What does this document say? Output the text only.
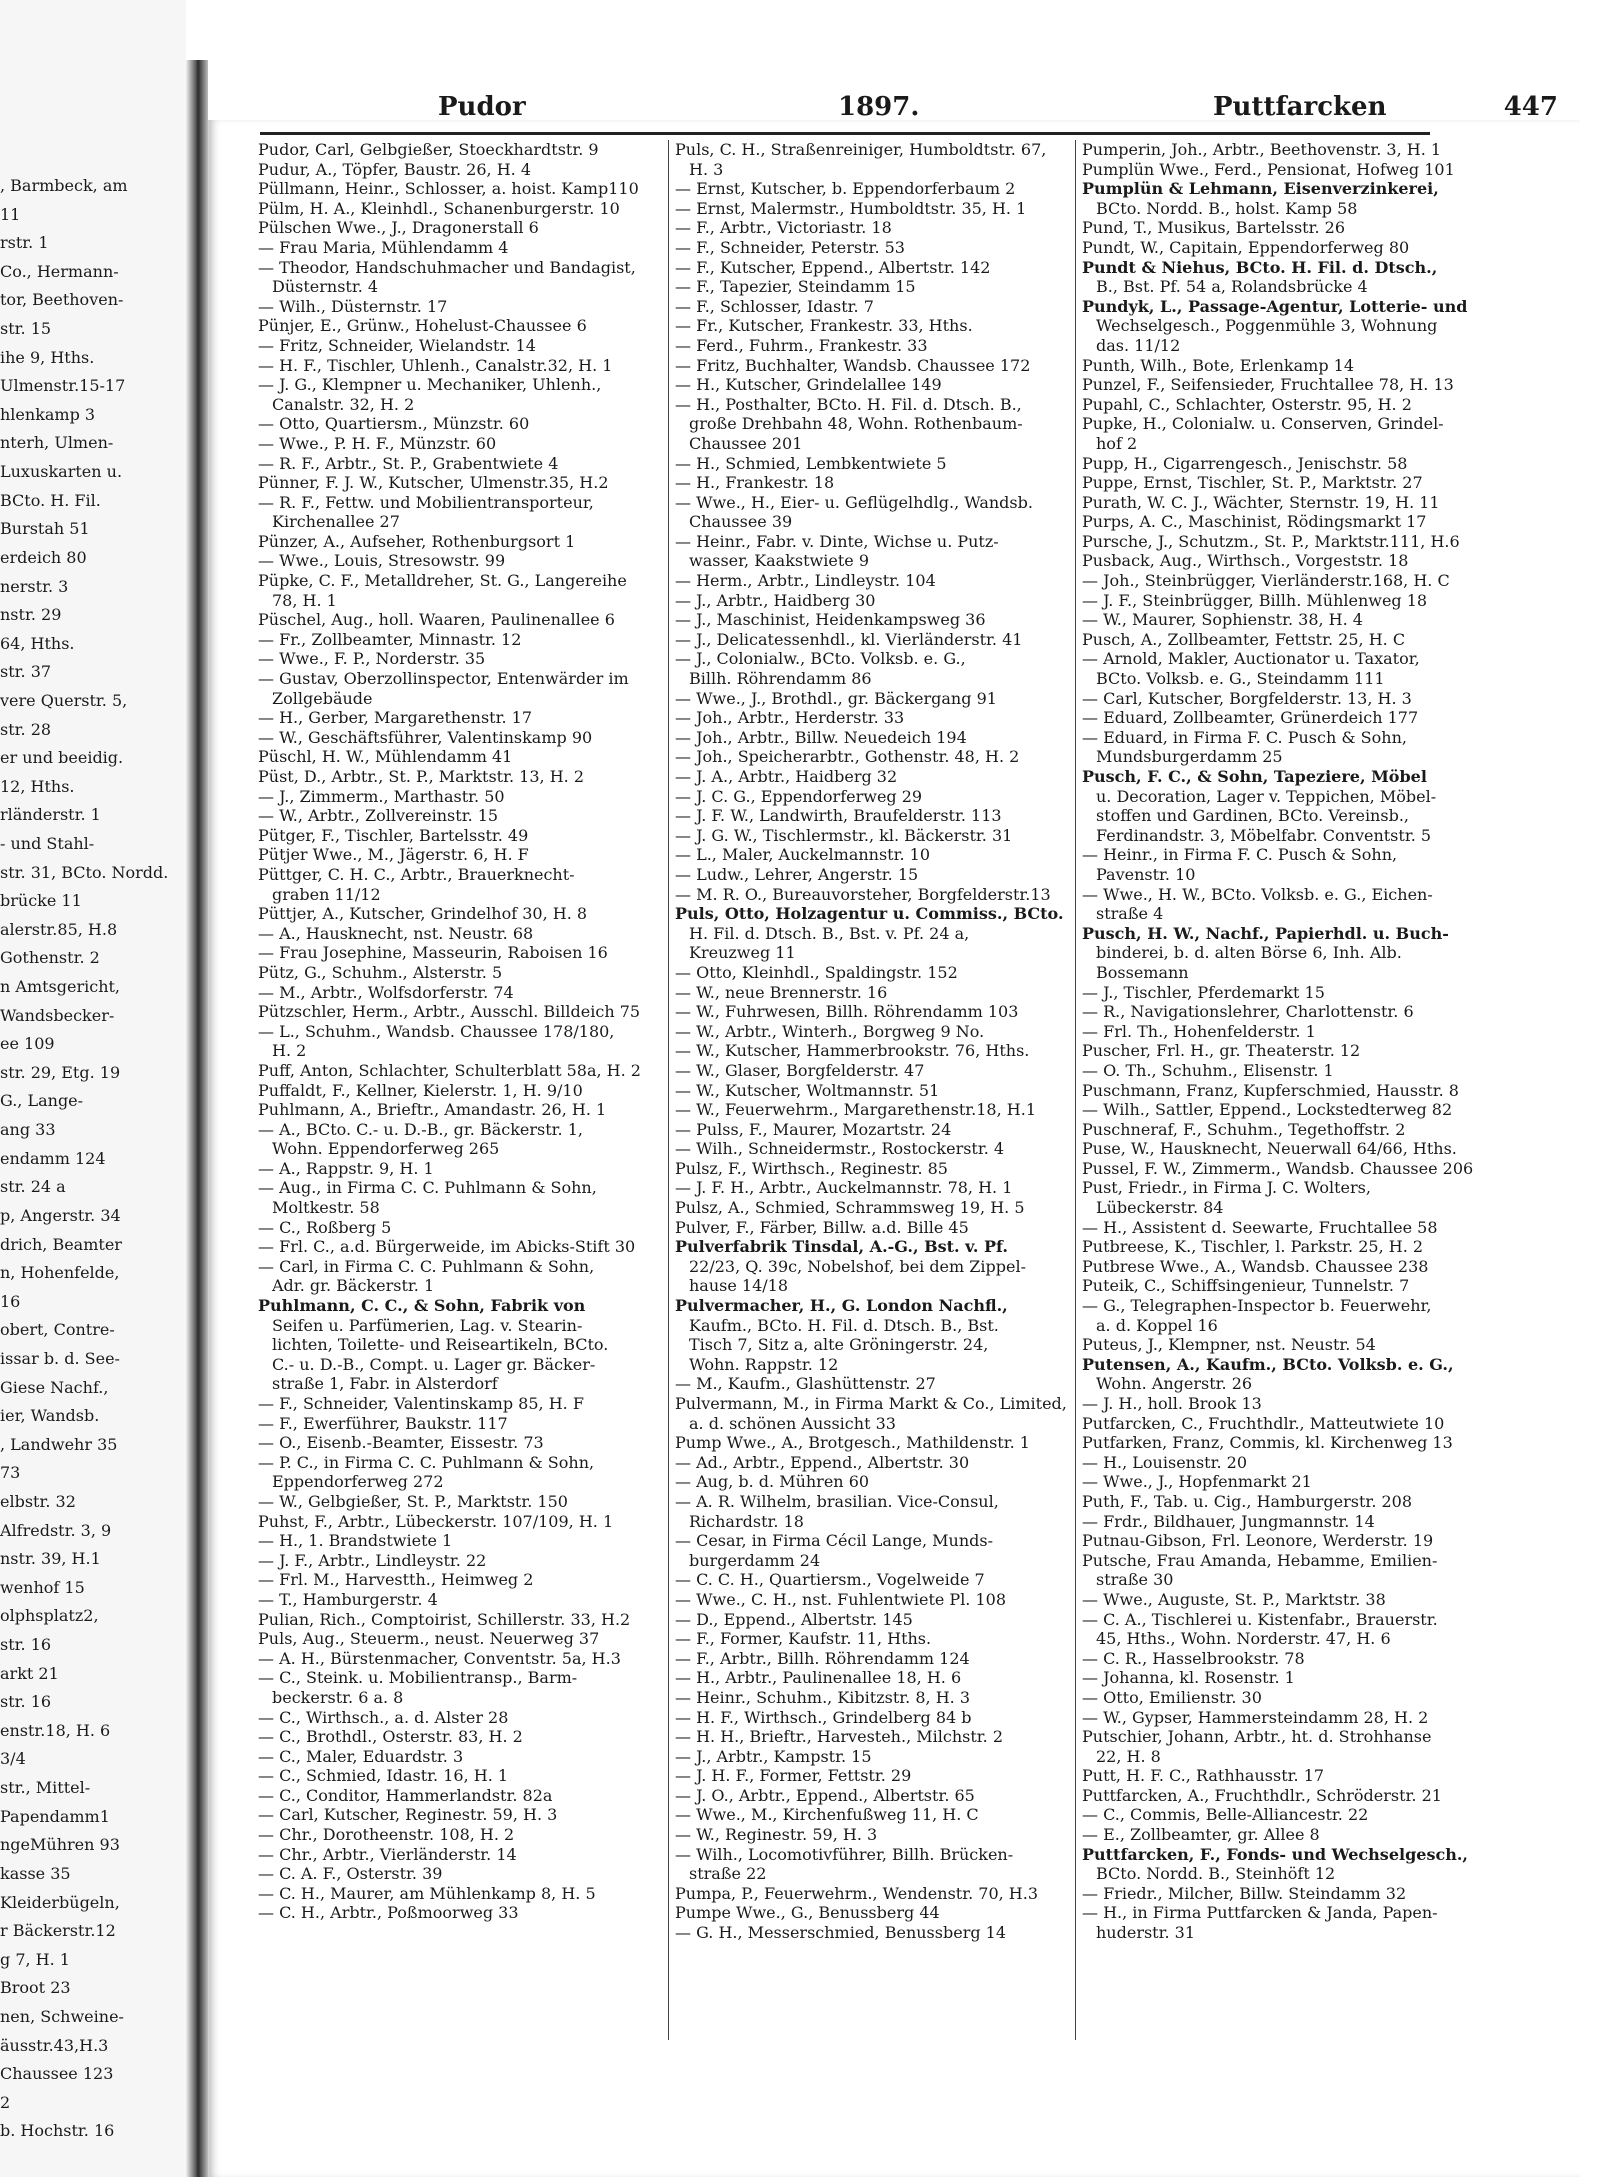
, Barmbeck, am
11
rstr. 1
Co., Hermann-
tor, Beethoven-
str. 15
ihe 9, Hths.
Ulmenstr.15-17
hlenkamp 3
nterh, Ulmen-
Luxuskarten u.
BCto. H. Fil.
Burstah 51
erdeich 80
nerstr. 3
nstr. 29
64, Hths.
str. 37
vere Querstr. 5,
str. 28
er und beeidig.
12, Hths.
rländerstr. 1
- und Stahl-
str. 31, BCto. Nordd.
brücke 11
alerstr.85, H.8
Gothenstr. 2
n Amtsgericht,
Wandsbecker-
ee 109
str. 29, Etg. 19
G., Lange-
ang 33
endamm 124
str. 24 a
p, Angerstr. 34
drich, Beamter
n, Hohenfelde,
16
obert, Contre-
issar b. d. See-
Giese Nachf.,
ier, Wandsb.
, Landwehr 35
73
elbstr. 32
Alfredstr. 3, 9
nstr. 39, H.1
wenhof 15
olphsplatz2,
str. 16
arkt 21
str. 16
enstr.18, H. 6
3/4
str., Mittel-
Papendamm1
ngeMühren 93
kasse 35
Kleiderbügeln,
r Bäckerstr.12
g 7, H. 1
Broot 23
nen, Schweine-
äusstr.43,H.3
Chaussee 123
2
b. Hochstr. 16
Pudor	1897.	Puttfarcken	447
Pudor, Carl, Gelbgießer, Stoeckhardtstr. 9
Pudur, A., Töpfer, Baustr. 26, H. 4
Püllmann, Heinr., Schlosser, a. hoist. Kamp110
Pülm, H. A., Kleinhdl., Schanenburgerstr. 10
Pülschen Wwe., J., Dragonerstall 6
— Frau Maria, Mühlendamm 4
— Theodor, Handschuhmacher und Bandagist,
Düsternstr. 4
— Wilh., Düsternstr. 17
Pünjer, E., Grünw., Hohelust-Chaussee 6
— Fritz, Schneider, Wielandstr. 14
— H. F., Tischler, Uhlenh., Canalstr.32, H. 1
— J. G., Klempner u. Mechaniker, Uhlenh.,
Canalstr. 32, H. 2
— Otto, Quartiersm., Münzstr. 60
— Wwe., P. H. F., Münzstr. 60
— R. F., Arbtr., St. P., Grabentwiete 4
Pünner, F. J. W., Kutscher, Ulmenstr.35, H.2
— R. F., Fettw. und Mobilientransporteur,
Kirchenallee 27
Pünzer, A., Aufseher, Rothenburgsort 1
— Wwe., Louis, Stresowstr. 99
Püpke, C. F., Metalldreher, St. G., Langereihe
78, H. 1
Püschel, Aug., holl. Waaren, Paulinenallee 6
— Fr., Zollbeamter, Minnastr. 12
— Wwe., F. P., Norderstr. 35
— Gustav, Oberzollinspector, Entenwärder im
Zollgebäude
— H., Gerber, Margarethenstr. 17
— W., Geschäftsführer, Valentinskamp 90
Püschl, H. W., Mühlendamm 41
Püst, D., Arbtr., St. P., Marktstr. 13, H. 2
— J., Zimmerm., Marthastr. 50
— W., Arbtr., Zollvereinstr. 15
Pütger, F., Tischler, Bartelsstr. 49
Pütjer Wwe., M., Jägerstr. 6, H. F
Püttger, C. H. C., Arbtr., Brauerknecht-
graben 11/12
Püttjer, A., Kutscher, Grindelhof 30, H. 8
— A., Hausknecht, nst. Neustr. 68
— Frau Josephine, Masseurin, Raboisen 16
Pütz, G., Schuhm., Alsterstr. 5
— M., Arbtr., Wolfsdorferstr. 74
Pützschler, Herm., Arbtr., Ausschl. Billdeich 75
— L., Schuhm., Wandsb. Chaussee 178/180,
H. 2
Puff, Anton, Schlachter, Schulterblatt 58a, H. 2
Puffaldt, F., Kellner, Kielerstr. 1, H. 9/10
Puhlmann, A., Brieftr., Amandastr. 26, H. 1
— A., BCto. C.- u. D.-B., gr. Bäckerstr. 1,
Wohn. Eppendorferweg 265
— A., Rappstr. 9, H. 1
— Aug., in Firma C. C. Puhlmann & Sohn,
Moltkestr. 58
— C., Roßberg 5
— Frl. C., a.d. Bürgerweide, im Abicks-Stift 30
— Carl, in Firma C. C. Puhlmann & Sohn,
Adr. gr. Bäckerstr. 1
Puhlmann, C. C., & Sohn, Fabrik von
Seifen u. Parfümerien, Lag. v. Stearin-
lichten, Toilette- und Reiseartikeln, BCto.
C.- u. D.-B., Compt. u. Lager gr. Bäcker-
straße 1, Fabr. in Alsterdorf
— F., Schneider, Valentinskamp 85, H. F
— F., Ewerführer, Baukstr. 117
— O., Eisenb.-Beamter, Eissestr. 73
— P. C., in Firma C. C. Puhlmann & Sohn,
Eppendorferweg 272
— W., Gelbgießer, St. P., Marktstr. 150
Puhst, F., Arbtr., Lübeckerstr. 107/109, H. 1
— H., 1. Brandstwiete 1
— J. F., Arbtr., Lindleystr. 22
— Frl. M., Harvestth., Heimweg 2
— T., Hamburgerstr. 4
Pulian, Rich., Comptoirist, Schillerstr. 33, H.2
Puls, Aug., Steuerm., neust. Neuerweg 37
— A. H., Bürstenmacher, Conventstr. 5a, H.3
— C., Steink. u. Mobilientransp., Barm-
beckerstr. 6 a. 8
— C., Wirthsch., a. d. Alster 28
— C., Brothdl., Osterstr. 83, H. 2
— C., Maler, Eduardstr. 3
— C., Schmied, Idastr. 16, H. 1
— C., Conditor, Hammerlandstr. 82a
— Carl, Kutscher, Reginestr. 59, H. 3
— Chr., Dorotheenstr. 108, H. 2
— Chr., Arbtr., Vierländerstr. 14
— C. A. F., Osterstr. 39
— C. H., Maurer, am Mühlenkamp 8, H. 5
— C. H., Arbtr., Poßmoorweg 33
Puls, C. H., Straßenreiniger, Humboldtstr. 67,
H. 3
— Ernst, Kutscher, b. Eppendorferbaum 2
— Ernst, Malermstr., Humboldtstr. 35, H. 1
— F., Arbtr., Victoriastr. 18
— F., Schneider, Peterstr. 53
— F., Kutscher, Eppend., Albertstr. 142
— F., Tapezier, Steindamm 15
— F., Schlosser, Idastr. 7
— Fr., Kutscher, Frankestr. 33, Hths.
— Ferd., Fuhrm., Frankestr. 33
— Fritz, Buchhalter, Wandsb. Chaussee 172
— H., Kutscher, Grindelallee 149
— H., Posthalter, BCto. H. Fil. d. Dtsch. B.,
große Drehbahn 48, Wohn. Rothenbaum-
Chaussee 201
— H., Schmied, Lembkentwiete 5
— H., Frankestr. 18
— Wwe., H., Eier- u. Geflügelhdlg., Wandsb.
Chaussee 39
— Heinr., Fabr. v. Dinte, Wichse u. Putz-
wasser, Kaakstwiete 9
— Herm., Arbtr., Lindleystr. 104
— J., Arbtr., Haidberg 30
— J., Maschinist, Heidenkampsweg 36
— J., Delicatessenhdl., kl. Vierländerstr. 41
— J., Colonialw., BCto. Volksb. e. G.,
Billh. Röhrendamm 86
— Wwe., J., Brothdl., gr. Bäckergang 91
— Joh., Arbtr., Herderstr. 33
— Joh., Arbtr., Billw. Neuedeich 194
— Joh., Speicherarbtr., Gothenstr. 48, H. 2
— J. A., Arbtr., Haidberg 32
— J. C. G., Eppendorferweg 29
— J. F. W., Landwirth, Braufelderstr. 113
— J. G. W., Tischlermstr., kl. Bäckerstr. 31
— L., Maler, Auckelmannstr. 10
— Ludw., Lehrer, Angerstr. 15
— M. R. O., Bureauvorsteher, Borgfelderstr.13
Puls, Otto, Holzagentur u. Commiss., BCto.
H. Fil. d. Dtsch. B., Bst. v. Pf. 24 a,
Kreuzweg 11
— Otto, Kleinhdl., Spaldingstr. 152
— W., neue Brennerstr. 16
— W., Fuhrwesen, Billh. Röhrendamm 103
— W., Arbtr., Winterh., Borgweg 9 No.
— W., Kutscher, Hammerbrookstr. 76, Hths.
— W., Glaser, Borgfelderstr. 47
— W., Kutscher, Woltmannstr. 51
— W., Feuerwehrm., Margarethenstr.18, H.1
— Pulss, F., Maurer, Mozartstr. 24
— Wilh., Schneidermstr., Rostockerstr. 4
Pulsz, F., Wirthsch., Reginestr. 85
— J. F. H., Arbtr., Auckelmannstr. 78, H. 1
Pulsz, A., Schmied, Schrammsweg 19, H. 5
Pulver, F., Färber, Billw. a.d. Bille 45
Pulverfabrik Tinsdal, A.-G., Bst. v. Pf.
22/23, Q. 39c, Nobelshof, bei dem Zippel-
hause 14/18
Pulvermacher, H., G. London Nachfl.,
Kaufm., BCto. H. Fil. d. Dtsch. B., Bst.
Tisch 7, Sitz a, alte Gröningerstr. 24,
Wohn. Rappstr. 12
— M., Kaufm., Glashüttenstr. 27
Pulvermann, M., in Firma Markt & Co., Limited,
a. d. schönen Aussicht 33
Pump Wwe., A., Brotgesch., Mathildenstr. 1
— Ad., Arbtr., Eppend., Albertstr. 30
— Aug, b. d. Mühren 60
— A. R. Wilhelm, brasilian. Vice-Consul,
Richardstr. 18
— Cesar, in Firma Cécil Lange, Munds-
burgerdamm 24
— C. C. H., Quartiersm., Vogelweide 7
— Wwe., C. H., nst. Fuhlentwiete Pl. 108
— D., Eppend., Albertstr. 145
— F., Former, Kaufstr. 11, Hths.
— F., Arbtr., Billh. Röhrendamm 124
— H., Arbtr., Paulinenallee 18, H. 6
— Heinr., Schuhm., Kibitzstr. 8, H. 3
— H. F., Wirthsch., Grindelberg 84 b
— H. H., Brieftr., Harvesteh., Milchstr. 2
— J., Arbtr., Kampstr. 15
— J. H. F., Former, Fettstr. 29
— J. O., Arbtr., Eppend., Albertstr. 65
— Wwe., M., Kirchenfußweg 11, H. C
— W., Reginestr. 59, H. 3
— Wilh., Locomotivführer, Billh. Brücken-
straße 22
Pumpa, P., Feuerwehrm., Wendenstr. 70, H.3
Pumpe Wwe., G., Benussberg 44
— G. H., Messerschmied, Benussberg 14
Pumperin, Joh., Arbtr., Beethovenstr. 3, H. 1
Pumplün Wwe., Ferd., Pensionat, Hofweg 101
Pumplün & Lehmann, Eisenverzinkerei,
BCto. Nordd. B., holst. Kamp 58
Pund, T., Musikus, Bartelsstr. 26
Pundt, W., Capitain, Eppendorferweg 80
Pundt & Niehus, BCto. H. Fil. d. Dtsch.,
B., Bst. Pf. 54 a, Rolandsbrücke 4
Pundyk, L., Passage-Agentur, Lotterie- und
Wechselgesch., Poggenmühle 3, Wohnung
das. 11/12
Punth, Wilh., Bote, Erlenkamp 14
Punzel, F., Seifensieder, Fruchtallee 78, H. 13
Pupahl, C., Schlachter, Osterstr. 95, H. 2
Pupke, H., Colonialw. u. Conserven, Grindel-
hof 2
Pupp, H., Cigarrengesch., Jenischstr. 58
Puppe, Ernst, Tischler, St. P., Marktstr. 27
Purath, W. C. J., Wächter, Sternstr. 19, H. 11
Purps, A. C., Maschinist, Rödingsmarkt 17
Pursche, J., Schutzm., St. P., Marktstr.111, H.6
Pusback, Aug., Wirthsch., Vorgeststr. 18
— Joh., Steinbrügger, Vierländerstr.168, H. C
— J. F., Steinbrügger, Billh. Mühlenweg 18
— W., Maurer, Sophienstr. 38, H. 4
Pusch, A., Zollbeamter, Fettstr. 25, H. C
— Arnold, Makler, Auctionator u. Taxator,
BCto. Volksb. e. G., Steindamm 111
— Carl, Kutscher, Borgfelderstr. 13, H. 3
— Eduard, Zollbeamter, Grünerdeich 177
— Eduard, in Firma F. C. Pusch & Sohn,
Mundsburgerdamm 25
Pusch, F. C., & Sohn, Tapeziere, Möbel
u. Decoration, Lager v. Teppichen, Möbel-
stoffen und Gardinen, BCto. Vereinsb.,
Ferdinandstr. 3, Möbelfabr. Conventstr. 5
— Heinr., in Firma F. C. Pusch & Sohn,
Pavenstr. 10
— Wwe., H. W., BCto. Volksb. e. G., Eichen-
straße 4
Pusch, H. W., Nachf., Papierhdl. u. Buch-
binderei, b. d. alten Börse 6, Inh. Alb.
Bossemann
— J., Tischler, Pferdemarkt 15
— R., Navigationslehrer, Charlottenstr. 6
— Frl. Th., Hohenfelderstr. 1
Puscher, Frl. H., gr. Theaterstr. 12
— O. Th., Schuhm., Elisenstr. 1
Puschmann, Franz, Kupferschmied, Hausstr. 8
— Wilh., Sattler, Eppend., Lockstedterweg 82
Puschneraf, F., Schuhm., Tegethoffstr. 2
Puse, W., Hausknecht, Neuerwall 64/66, Hths.
Pussel, F. W., Zimmerm., Wandsb. Chaussee 206
Pust, Friedr., in Firma J. C. Wolters,
Lübeckerstr. 84
— H., Assistent d. Seewarte, Fruchtallee 58
Putbreese, K., Tischler, l. Parkstr. 25, H. 2
Putbrese Wwe., A., Wandsb. Chaussee 238
Puteik, C., Schiffsingenieur, Tunnelstr. 7
— G., Telegraphen-Inspector b. Feuerwehr,
a. d. Koppel 16
Puteus, J., Klempner, nst. Neustr. 54
Putensen, A., Kaufm., BCto. Volksb. e. G.,
Wohn. Angerstr. 26
— J. H., holl. Brook 13
Putfarcken, C., Fruchthdlr., Matteutwiete 10
Putfarken, Franz, Commis, kl. Kirchenweg 13
— H., Louisenstr. 20
— Wwe., J., Hopfenmarkt 21
Puth, F., Tab. u. Cig., Hamburgerstr. 208
— Frdr., Bildhauer, Jungmannstr. 14
Putnau-Gibson, Frl. Leonore, Werderstr. 19
Putsche, Frau Amanda, Hebamme, Emilien-
straße 30
— Wwe., Auguste, St. P., Marktstr. 38
— C. A., Tischlerei u. Kistenfabr., Brauerstr.
45, Hths., Wohn. Norderstr. 47, H. 6
— C. R., Hasselbrookstr. 78
— Johanna, kl. Rosenstr. 1
— Otto, Emilienstr. 30
— W., Gypser, Hammersteindamm 28, H. 2
Putschier, Johann, Arbtr., ht. d. Strohhanse
22, H. 8
Putt, H. F. C., Rathhausstr. 17
Puttfarcken, A., Fruchthdlr., Schröderstr. 21
— C., Commis, Belle-Alliancestr. 22
— E., Zollbeamter, gr. Allee 8
Puttfarcken, F., Fonds- und Wechselgesch.,
BCto. Nordd. B., Steinhöft 12
— Friedr., Milcher, Billw. Steindamm 32
— H., in Firma Puttfarcken & Janda, Papen-
huderstr. 31
